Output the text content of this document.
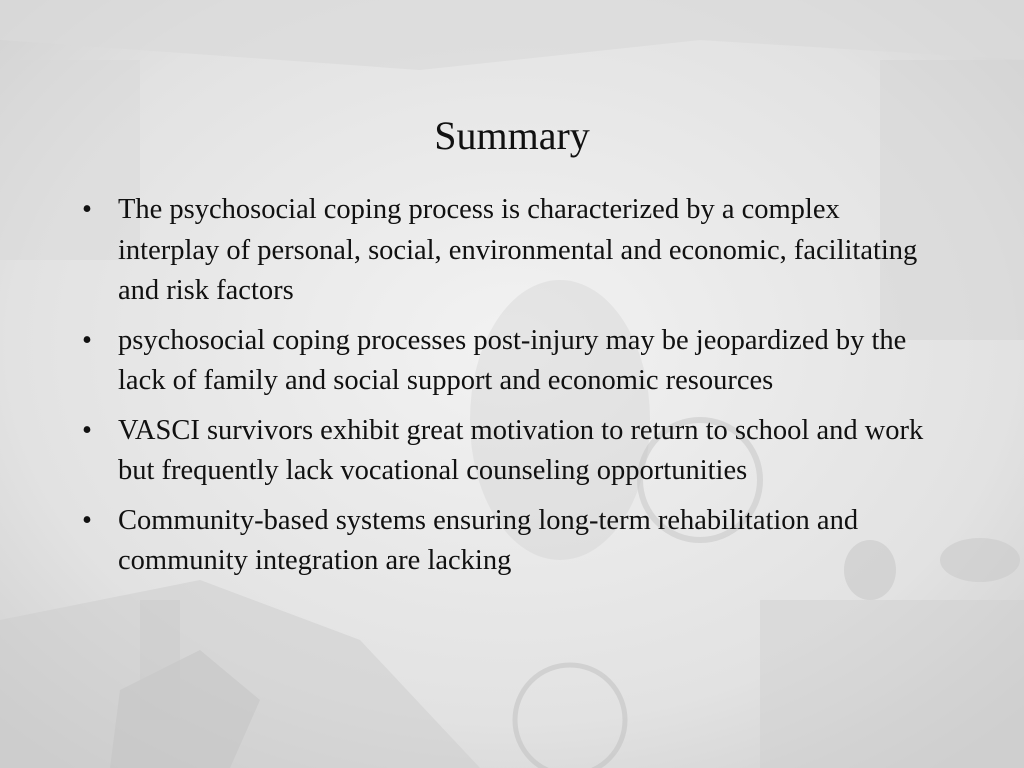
Summary
• The psychosocial coping process is characterized by a complex interplay of personal, social, environmental and economic, facilitating and risk factors
• psychosocial coping processes post-injury may be jeopardized by the lack of family and social support and economic resources
• VASCI survivors exhibit great motivation to return to school and work but frequently lack vocational counseling opportunities
• Community-based systems ensuring long-term rehabilitation and community integration are lacking
